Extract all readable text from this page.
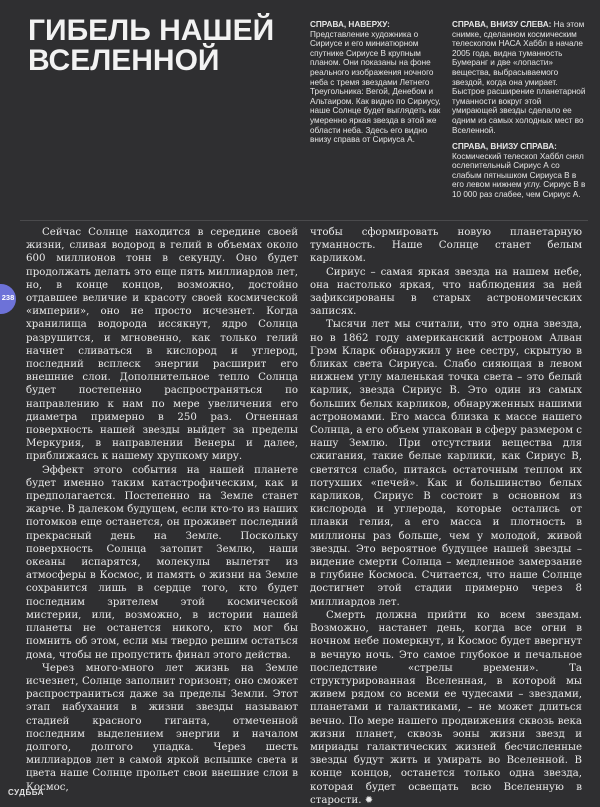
ГИБЕЛЬ НАШЕЙ
ВСЕЛЕННОЙ
СПРАВА, НАВЕРХУ: Представление художника о Сириусе и его миниатюрном спутнике Сириусе В крупным планом. Они показаны на фоне реального изображения ночного неба с тремя звездами Летнего Треугольника: Вегой, Денебом и Альтаиром. Как видно по Сириусу, наше Солнце будет выглядеть как умеренно яркая звезда в этой же области неба. Здесь его видно внизу справа от Сириуса А.
СПРАВА, ВНИЗУ СЛЕВА: На этом снимке, сделанном космическим телескопом НАСА Хаббл в начале 2005 года, видна туманность Бумеранг и две «лопасти» вещества, выбрасываемого звездой, когда она умирает. Быстрое расширение планетарной туманности вокруг этой умирающей звезды сделало ее одним из самых холодных мест во Вселенной.
СПРАВА, ВНИЗУ СПРАВА: Космический телескоп Хаббл снял ослепительный Сириус А со слабым пятнышком Сириуса В в его левом нижнем углу. Сириус В в 10 000 раз слабее, чем Сириус А.

Сейчас Солнце находится в середине своей жизни, сливая водород в гелий в объемах около 600 миллионов тонн в секунду. Оно будет продолжать делать это еще пять миллиардов лет, но, в конце концов, возможно, достойно отдавшее величие и красоту своей космической «империи», оно не просто исчезнет. Когда хранилища водорода иссякнут, ядро Солнца разрушится, и мгновенно, как только гелий начнет сливаться в кислород и углерод, последний всплеск энергии расширит его внешние слои. Дополнительное тепло Солнца будет постепенно распространяться по направлению к нам по мере увеличения его диаметра примерно в 250 раз. Огненная поверхность нашей звезды выйдет за пределы Меркурия, в направлении Венеры и далее, приближаясь к нашему хрупкому миру.

Эффект этого события на нашей планете будет именно таким катастрофическим, как и предполагается. Постепенно на Земле станет жарче. В далеком будущем, если кто-то из наших потомков еще останется, он проживет последний прекрасный день на Земле. Поскольку поверхность Солнца затопит Землю, наши океаны испарятся, молекулы вылетят из атмосферы в Космос, и память о жизни на Земле сохранится лишь в сердце того, кто будет последним зрителем этой космической мистерии, или, возможно, в истории нашей планеты не останется никого, кто мог бы помнить об этом, если мы твердо решим остаться дома, чтобы не пропустить финал этого действа.

Через много-много лет жизнь на Земле исчезнет, Солнце заполнит горизонт; оно сможет распространиться даже за пределы Земли. Этот этап набухания в жизни звезды называют стадией красного гиганта, отмеченной последним выделением энергии и началом долгого, долгого упадка. Через шесть миллиардов лет в самой яркой вспышке света и цвета наше Солнце прольет свои внешние слои в Космос,

чтобы сформировать новую планетарную туманность. Наше Солнце станет белым карликом.

Сириус – самая яркая звезда на нашем небе, она настолько яркая, что наблюдения за ней зафиксированы в старых астрономических записях.

Тысячи лет мы считали, что это одна звезда, но в 1862 году американский астроном Алван Грэм Кларк обнаружил у нее сестру, скрытую в бликах света Сириуса. Слабо сияющая в левом нижнем углу маленькая точка света – это белый карлик, звезда Сириус В. Это один из самых больших белых карликов, обнаруженных нашими астрономами. Его масса близка к массе нашего Солнца, а его объем упакован в сферу размером с нашу Землю. При отсутствии вещества для сжигания, такие белые карлики, как Сириус В, светятся слабо, питаясь остаточным теплом их потухших «печей». Как и большинство белых карликов, Сириус В состоит в основном из кислорода и углерода, которые остались от плавки гелия, а его масса и плотность в миллионы раз больше, чем у молодой, живой звезды. Это вероятное будущее нашей звезды – видение смерти Солнца – медленное замерзание в глубине Космоса. Считается, что наше Солнце достигнет этой стадии примерно через 8 миллиардов лет.

Смерть должна прийти ко всем звездам. Возможно, настанет день, когда все огни в ночном небе померкнут, и Космос будет ввергнут в вечную ночь. Это самое глубокое и печальное последствие «стрелы времени». Та структурированная Вселенная, в которой мы живем рядом со всеми ее чудесами – звездами, планетами и галактиками, – не может длиться вечно. По мере нашего продвижения сквозь века жизни планет, сквозь эоны жизни звезд и мириады галактических жизней бесчисленные звезды будут жить и умирать во Вселенной. В конце концов, останется только одна звезда, которая будет освещать всю Вселенную в старости. ✹

238
СУДЬБА
